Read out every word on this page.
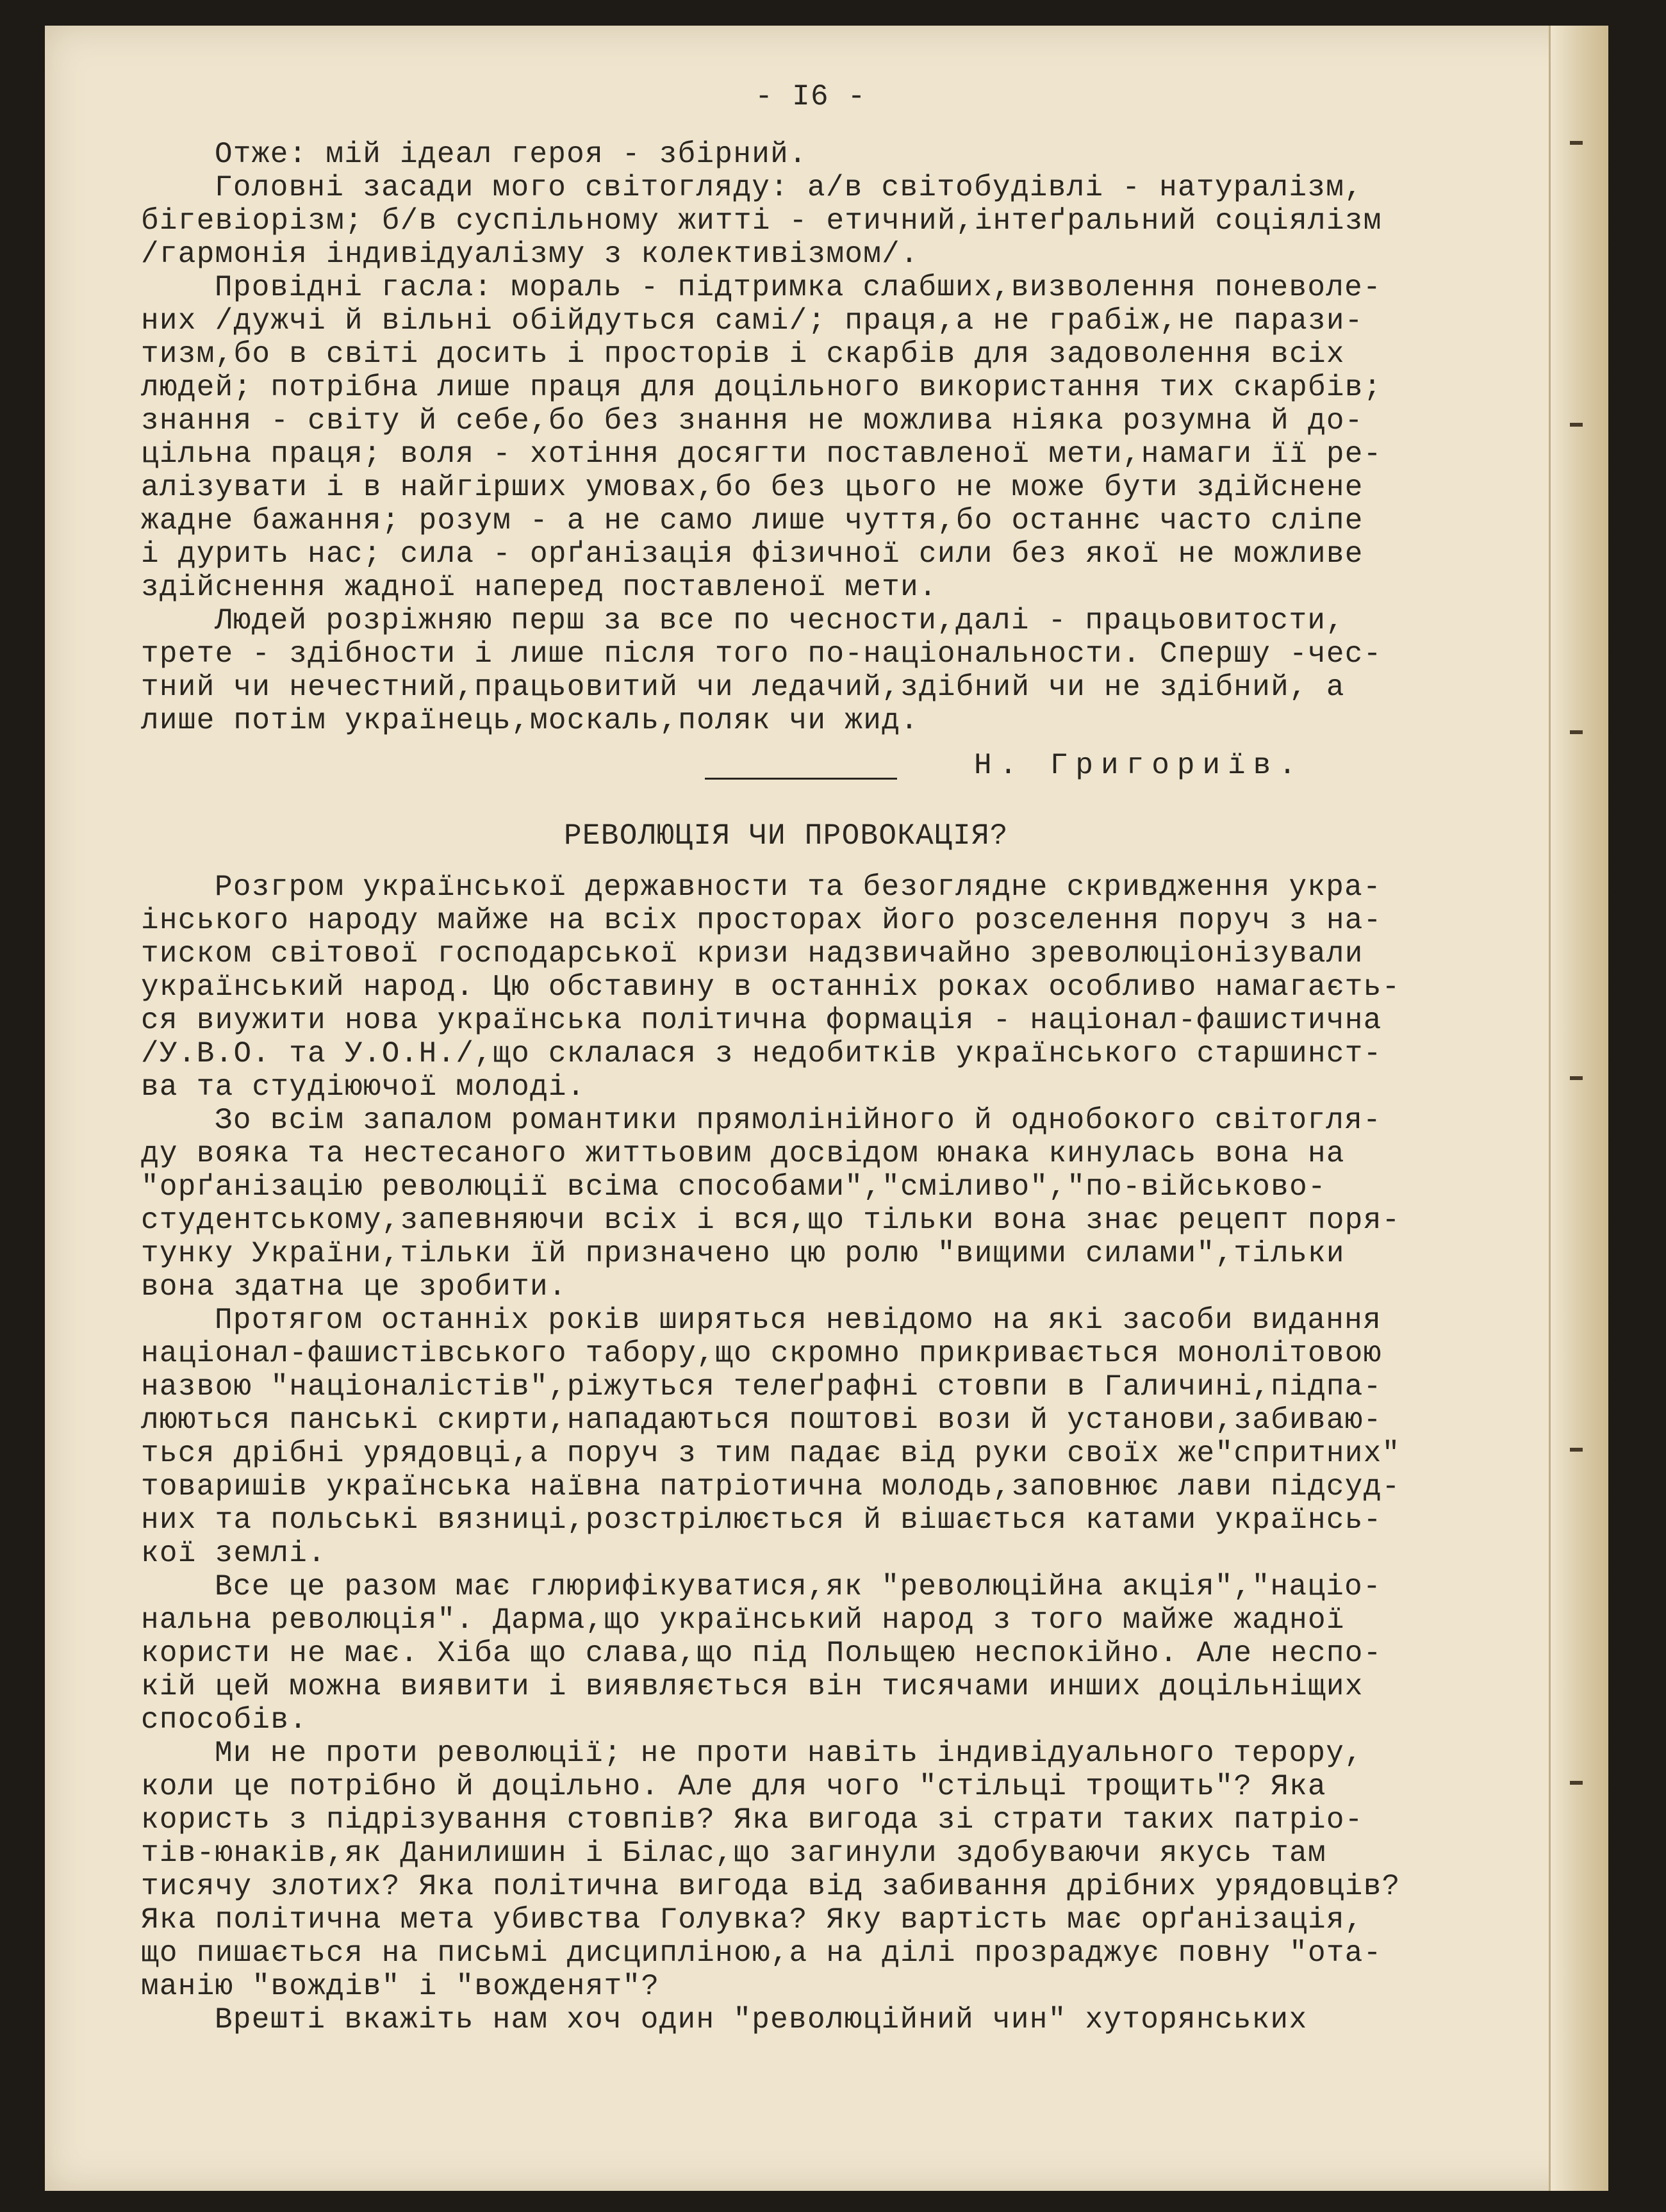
- I6 -
Отже: мій ідеал героя - збірний.
Головні засади мого світогляду: а/в світобудівлі - натуралізм,
бігевіорізм; б/в суспільному житті - етичний,інтеґральний соціялізм
/гармонія індивідуалізму з колективізмом/.
Провідні гасла: мораль - підтримка слабших,визволення поневоле-
них /дужчі й вільні обійдуться самі/; праця,а не грабіж,не парази-
тизм,бо в світі досить і просторів і скарбів для задоволення всіх
людей; потрібна лише праця для доцільного використання тих скарбів;
знання - світу й себе,бо без знання не можлива ніяка розумна й до-
цільна праця; воля - хотіння досягти поставленої мети,намаги її ре-
алізувати і в найгірших умовах,бо без цього не може бути здійснене
жадне бажання; розум - а не само лише чуття,бо останнє часто сліпе
і дурить нас; сила - орґанізація фізичної сили без якої не можливе
здійснення жадної наперед поставленої мети.
Людей розріжняю перш за все по чесности,далі - працьовитости,
трете - здібности і лише після того по-національности. Спершу -чес-
тний чи нечестний,працьовитий чи ледачий,здібний чи не здібний, а
лише потім українець,москаль,поляк чи жид.
Н. Григориїв.
РЕВОЛЮЦІЯ ЧИ ПРОВОКАЦІЯ?
Розгром української державности та безоглядне скривдження укра-
інського народу майже на всіх просторах його розселення поруч з на-
тиском світової господарської кризи надзвичайно зреволюціонізували
український народ. Цю обставину в останніх роках особливо намагаєть-
ся виужити нова українська політична формація - націонал-фашистична
/У.В.О. та У.О.Н./,що склалася з недобитків українського старшинст-
ва та студіюючої молоді.
Зо всім запалом романтики прямолінійного й однобокого світогля-
ду вояка та нестесаного життьовим досвідом юнака кинулась вона на
"орґанізацію революції всіма способами","сміливо","по-військово-
студентському,запевняючи всіх і вся,що тільки вона знає рецепт поря-
тунку України,тільки їй призначено цю ролю "вищими силами",тільки
вона здатна це зробити.
Протягом останніх років ширяться невідомо на які засоби видання
націонал-фашистівського табору,що скромно прикривається монолітовою
назвою "націоналістів",ріжуться телеґрафні стовпи в Галичині,підпа-
люються панські скирти,нападаються поштові вози й установи,забиваю-
ться дрібні урядовці,а поруч з тим падає від руки своїх же"спритних"
товаришів українська наївна патріотична молодь,заповнює лави підсуд-
них та польські вязниці,розстрілюється й вішається катами українсь-
кої землі.
Все це разом має глюрифікуватися,як "революційна акція","націо-
нальна революція". Дарма,що український народ з того майже жадної
користи не має. Хіба що слава,що під Польщею неспокійно. Але неспо-
кій цей можна виявити і виявляється він тисячами инших доцільніщих
способів.
Ми не проти революції; не проти навіть індивідуального терору,
коли це потрібно й доцільно. Але для чого "стільці трощить"? Яка
користь з підрізування стовпів? Яка вигода зі страти таких патріо-
тів-юнаків,як Данилишин і Білас,що загинули здобуваючи якусь там
тисячу злотих? Яка політична вигода від забивання дрібних урядовців?
Яка політична мета убивства Голувка? Яку вартість має орґанізація,
що пишається на письмі дисципліною,а на ділі прозраджує повну "ота-
манію "вождів" і "вожденят"?
Врешті вкажіть нам хоч один "революційний чин" хуторянських
